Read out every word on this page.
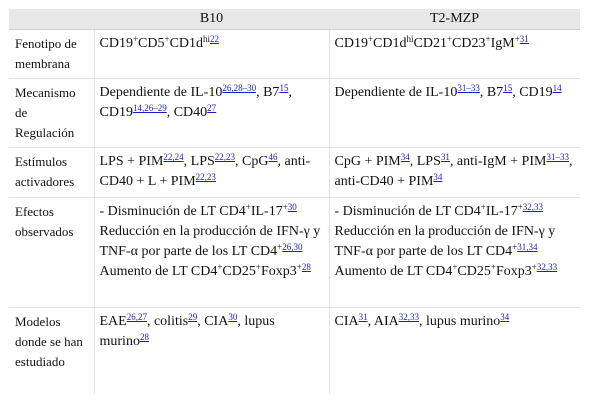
	B10	T2-MZP
Fenotipo de membrana	CD19+CD5+CD1d$^{hi22}$	$CD19^+CD1d^{hi}CD21^+CD23^+IgM^{+31}$
Mecanismo de Regulación	Dependiente de IL-10$^{26,28-30}$, B7$^{15}$, CD19$^{14,26-29}$, CD40$^{27}$	Dependiente de IL-10$^{31-33}$, B7$^{15}$, CD19$^{14}$
Estímulos activadores	LPS + PIM$^{22,24}$, LPS$^{22,23}$, CpG$^{46}$, anti-CD40 + L + PIM$^{22,23}$	CpG + PIM$^{34}$, LPS$^{31}$, anti-IgM + PIM$^{31-33}$, anti-CD40 + PIM$^{34}$
Efectos observados	- Disminución de LT CD4+IL-17$^{+30}$ Reducción en la producción de IFN-γ y TNF-α por parte de los LT CD4$^{+26,30}$ Aumento de LT CD4+CD25+Foxp3$^{+28}$	- Disminución de LT CD4+IL-17$^{+32,33}$ Reducción en la producción de IFN-γ y TNF-α por parte de los LT CD4$^{+31,34}$ Aumento de LT CD4+CD25+Foxp3$^{+32,33}$
Modelos donde se han estudiado	EAE$^{26,27}$, colitis$^{29}$, CIA$^{30}$, lupus murino$^{28}$	CIA$^{31}$, AIA$^{32,33}$, lupus murino$^{34}$
